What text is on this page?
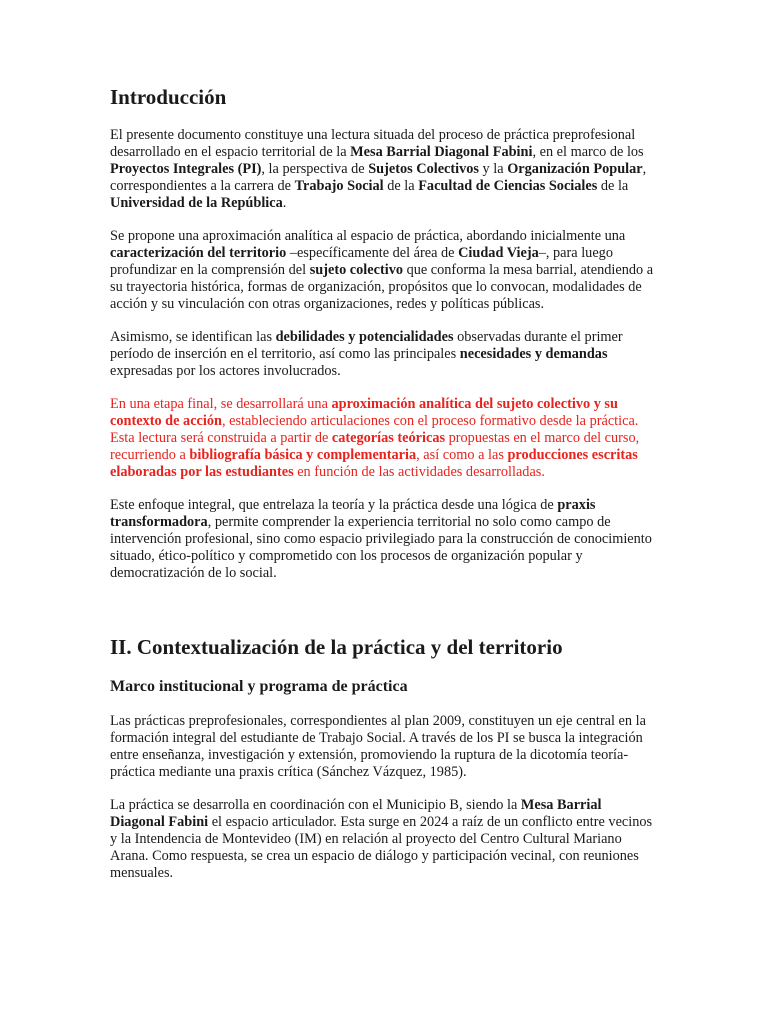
Introducción

El presente documento constituye una lectura situada del proceso de práctica preprofesional desarrollado en el espacio territorial de la Mesa Barrial Diagonal Fabini, en el marco de los Proyectos Integrales (PI), la perspectiva de Sujetos Colectivos y la Organización Popular, correspondientes a la carrera de Trabajo Social de la Facultad de Ciencias Sociales de la Universidad de la República.

Se propone una aproximación analítica al espacio de práctica, abordando inicialmente una caracterización del territorio –específicamente del área de Ciudad Vieja–, para luego profundizar en la comprensión del sujeto colectivo que conforma la mesa barrial, atendiendo a su trayectoria histórica, formas de organización, propósitos que lo convocan, modalidades de acción y su vinculación con otras organizaciones, redes y políticas públicas.

Asimismo, se identifican las debilidades y potencialidades observadas durante el primer período de inserción en el territorio, así como las principales necesidades y demandas expresadas por los actores involucrados.

En una etapa final, se desarrollará una aproximación analítica del sujeto colectivo y su contexto de acción, estableciendo articulaciones con el proceso formativo desde la práctica. Esta lectura será construida a partir de categorías teóricas propuestas en el marco del curso, recurriendo a bibliografía básica y complementaria, así como a las producciones escritas elaboradas por las estudiantes en función de las actividades desarrolladas.

Este enfoque integral, que entrelaza la teoría y la práctica desde una lógica de praxis transformadora, permite comprender la experiencia territorial no solo como campo de intervención profesional, sino como espacio privilegiado para la construcción de conocimiento situado, ético-político y comprometido con los procesos de organización popular y democratización de lo social.

II. Contextualización de la práctica y del territorio
Marco institucional y programa de práctica

Las prácticas preprofesionales, correspondientes al plan 2009, constituyen un eje central en la formación integral del estudiante de Trabajo Social. A través de los PI se busca la integración entre enseñanza, investigación y extensión, promoviendo la ruptura de la dicotomía teoría-práctica mediante una praxis crítica (Sánchez Vázquez, 1985).

La práctica se desarrolla en coordinación con el Municipio B, siendo la Mesa Barrial Diagonal Fabini el espacio articulador. Esta surge en 2024 a raíz de un conflicto entre vecinos y la Intendencia de Montevideo (IM) en relación al proyecto del Centro Cultural Mariano Arana. Como respuesta, se crea un espacio de diálogo y participación vecinal, con reuniones mensuales.
